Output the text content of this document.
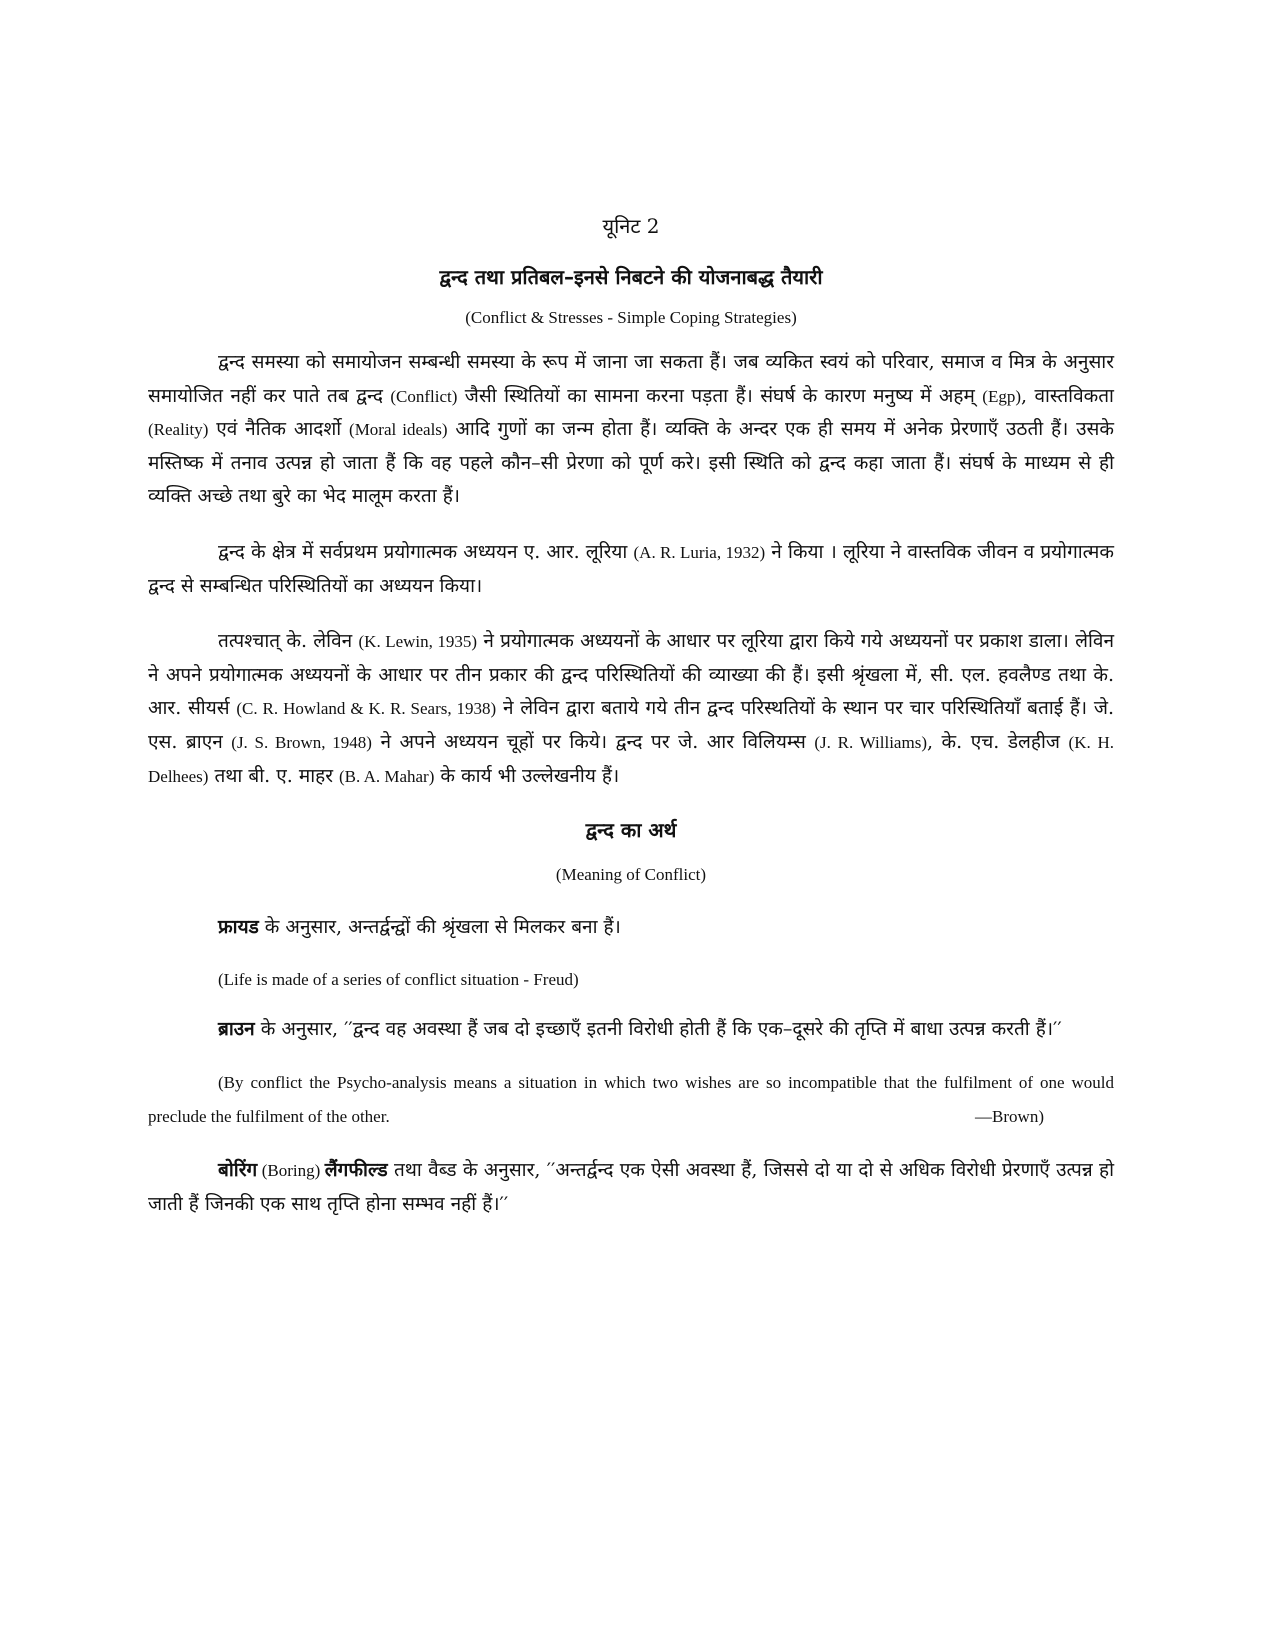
यूनिट 2
द्वन्द तथा प्रतिबल–इनसे निबटने की योजनाबद्ध तैयारी
(Conflict & Stresses - Simple Coping Strategies)

द्वन्द समस्या को समायोजन सम्बन्धी समस्या के रूप में जाना जा सकता हैं। जब व्यकित स्वयं को परिवार, समाज व मित्र के अनुसार समायोजित नहीं कर पाते तब द्वन्द (Conflict) जैसी स्थितियों का सामना करना पड़ता हैं। संघर्ष के कारण मनुष्य में अहम् (Egp), वास्तविकता (Reality) एवं नैतिक आदर्शो (Moral ideals) आदि गुणों का जन्म होता हैं। व्यक्ति के अन्दर एक ही समय में अनेक प्रेरणाएँ उठती हैं। उसके मस्तिष्क में तनाव उत्पन्न हो जाता हैं कि वह पहले कौन–सी प्रेरणा को पूर्ण करे। इसी स्थिति को द्वन्द कहा जाता हैं। संघर्ष के माध्यम से ही व्यक्ति अच्छे तथा बुरे का भेद मालूम करता हैं।

द्वन्द के क्षेत्र में सर्वप्रथम प्रयोगात्मक अध्ययन ए. आर. लूरिया (A. R. Luria, 1932) ने किया । लूरिया ने वास्तविक जीवन व प्रयोगात्मक द्वन्द से सम्बन्धित परिस्थितियों का अध्ययन किया।

तत्पश्चात् के. लेविन (K. Lewin, 1935) ने प्रयोगात्मक अध्ययनों के आधार पर लूरिया द्वारा किये गये अध्ययनों पर प्रकाश डाला। लेविन ने अपने प्रयोगात्मक अध्ययनों के आधार पर तीन प्रकार की द्वन्द परिस्थितियों की व्याख्या की हैं। इसी श्रृंखला में, सी. एल. हवलैण्ड तथा के. आर. सीयर्स (C. R. Howland & K. R. Sears, 1938) ने लेविन द्वारा बताये गये तीन द्वन्द परिस्थतियों के स्थान पर चार परिस्थितियाँ बताई हैं। जे. एस. ब्राएन (J. S. Brown, 1948) ने अपने अध्ययन चूहों पर किये। द्वन्द पर जे. आर विलियम्स (J. R. Williams), के. एच. डेलहीज (K. H. Delhees) तथा बी. ए. माहर (B. A. Mahar) के कार्य भी उल्लेखनीय हैं।

द्वन्द का अर्थ
(Meaning of Conflict)

फ्रायड के अनुसार, अन्तर्द्वन्द्वों की श्रृंखला से मिलकर बना हैं।

(Life is made of a series of conflict situation - Freud)

ब्राउन के अनुसार, ′′द्वन्द वह अवस्था हैं जब दो इच्छाएँ इतनी विरोधी होती हैं कि एक–दूसरे की तृप्ति में बाधा उत्पन्न करती हैं।′′

(By conflict the Psycho-analysis means a situation in which two wishes are so incompatible that the fulfilment of one would preclude the fulfilment of the other.	—Brown)

बोरिंग (Boring) लैंगफील्ड तथा वैब्ड के अनुसार, ′′अन्तर्द्वन्द एक ऐसी अवस्था हैं, जिससे दो या दो से अधिक विरोधी प्रेरणाएँ उत्पन्न हो जाती हैं जिनकी एक साथ तृप्ति होना सम्भव नहीं हैं।′′
